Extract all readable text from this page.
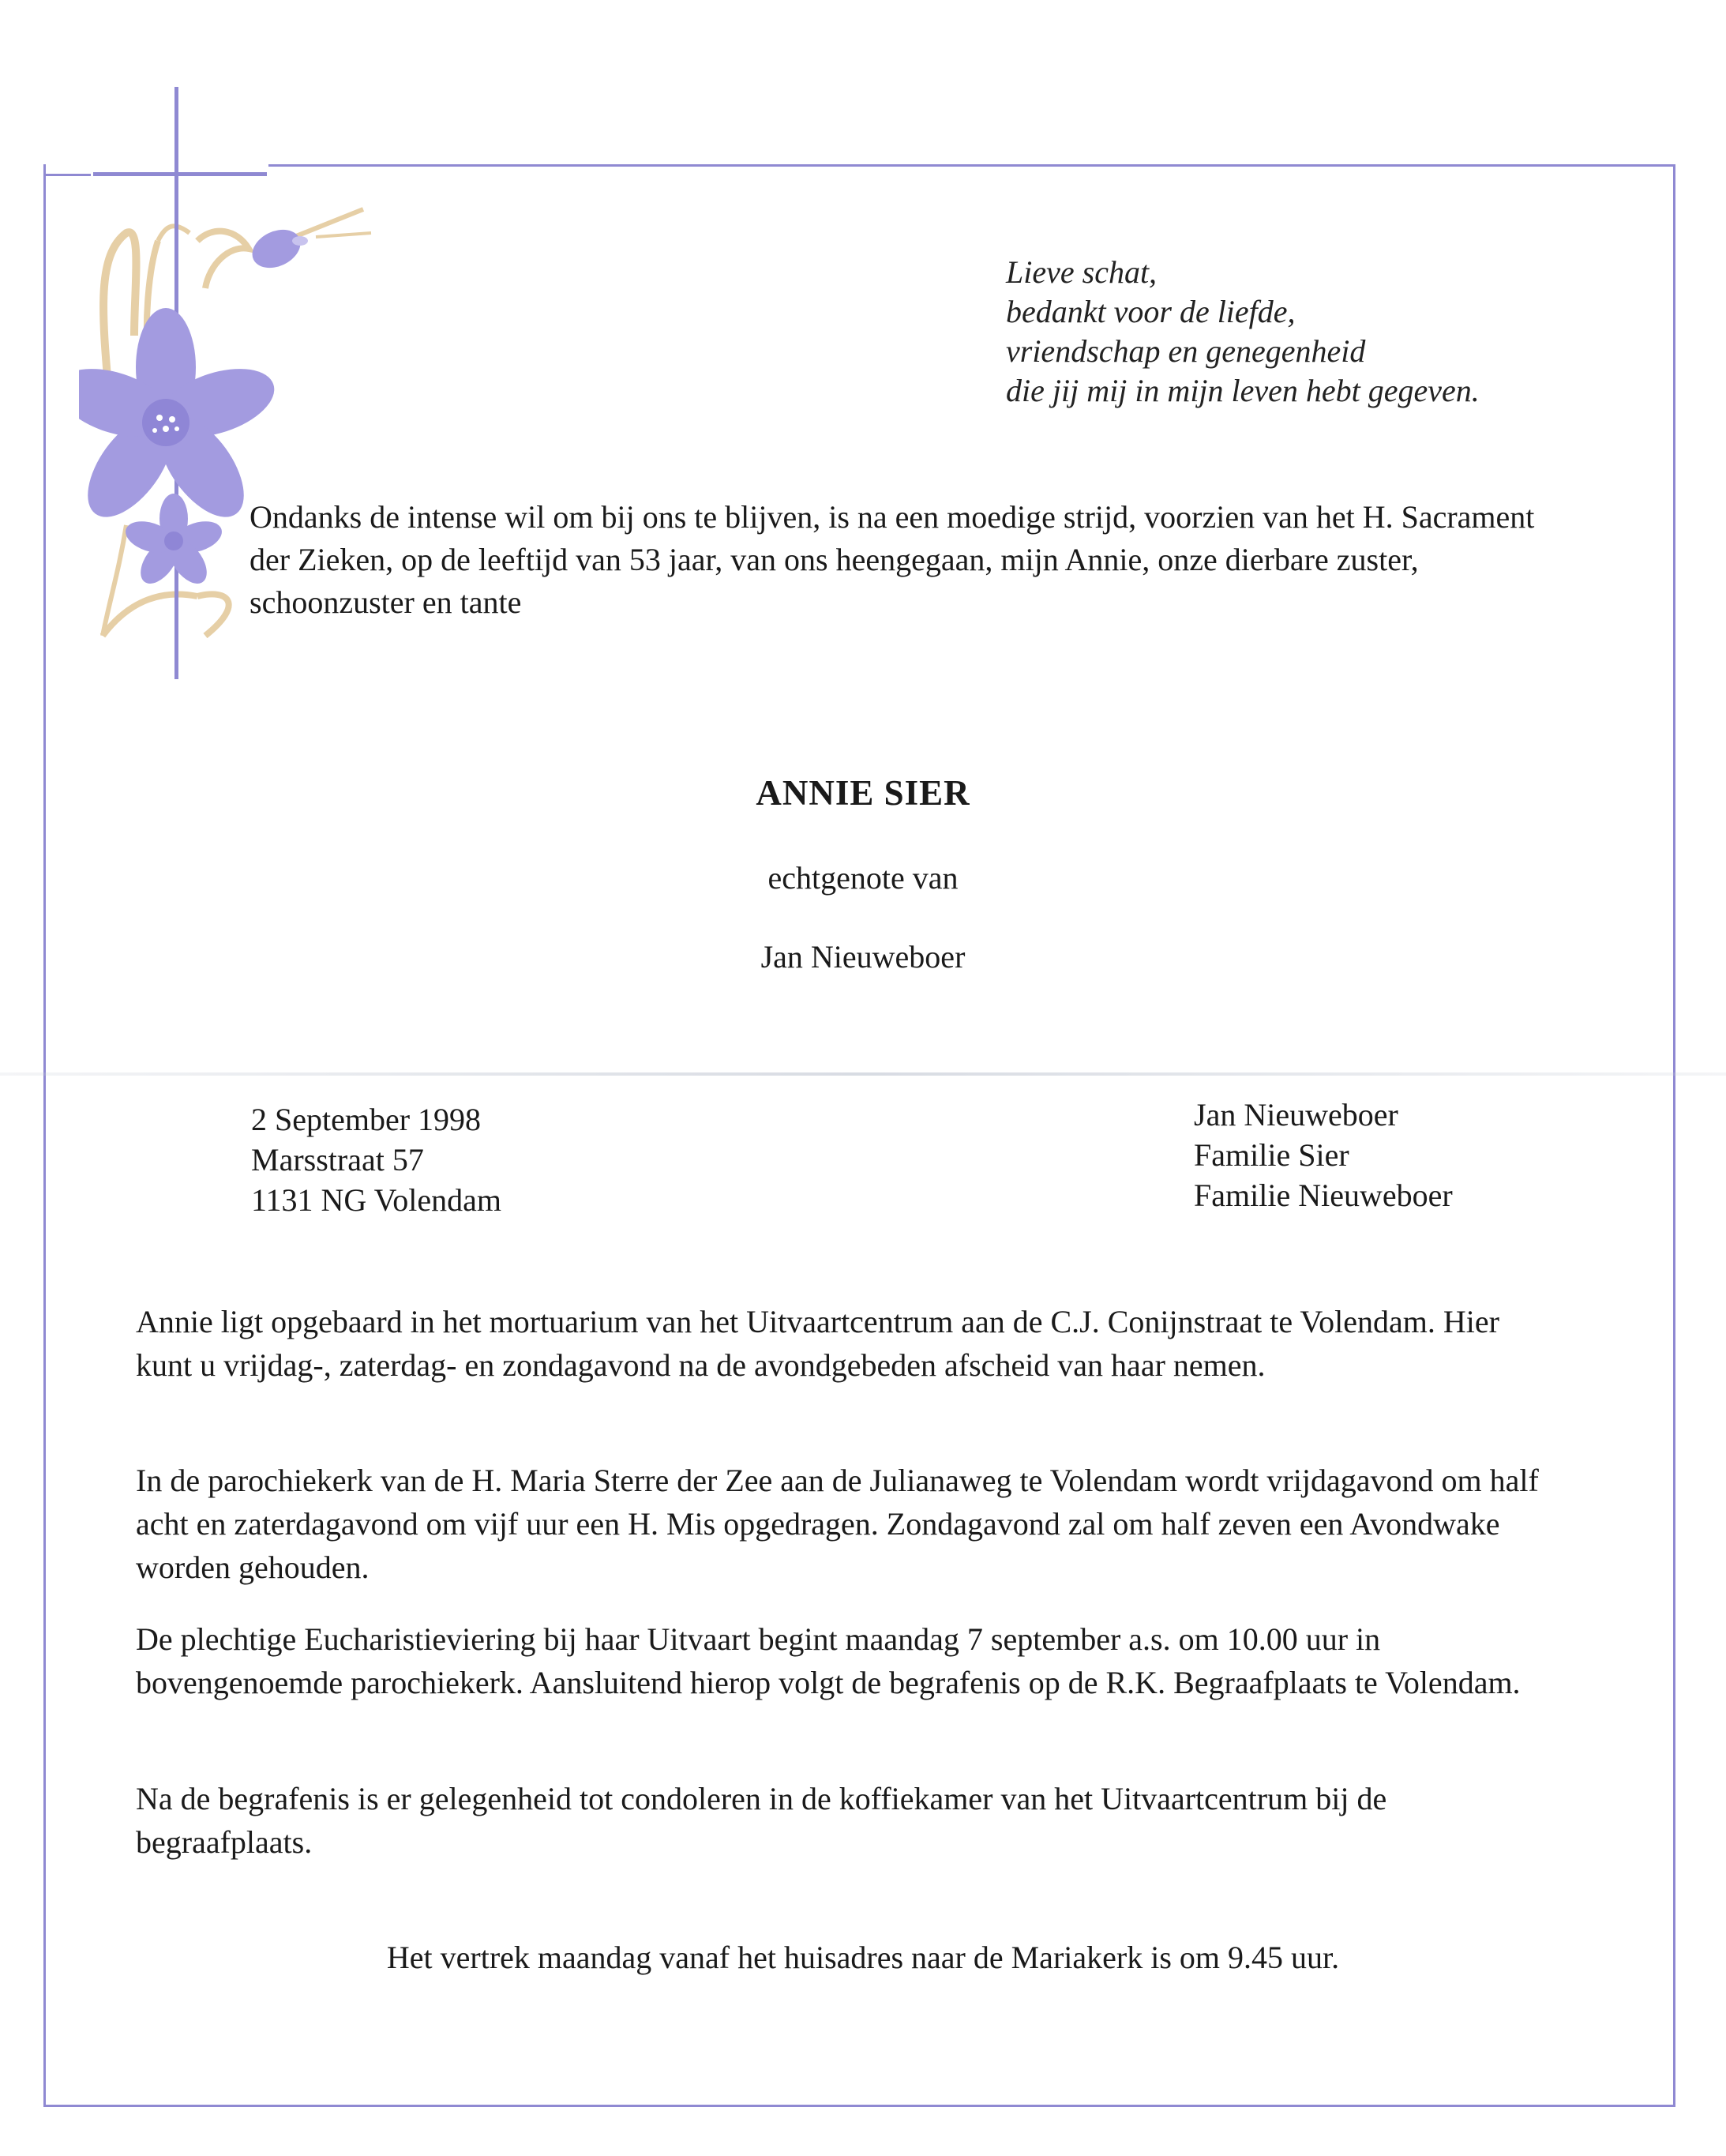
Lieve schat,
bedankt voor de liefde,
vriendschap en genegenheid
die jij mij in mijn leven hebt gegeven.
Ondanks de intense wil om bij ons te blijven, is na een moedige strijd, voorzien van het H. Sacrament der Zieken, op de leeftijd van 53 jaar, van ons heengegaan, mijn Annie, onze dierbare zuster, schoonzuster en tante
ANNIE SIER
echtgenote van
Jan Nieuweboer
2 September 1998
Marsstraat 57
1131 NG Volendam
Jan Nieuweboer
Familie Sier
Familie Nieuweboer
Annie ligt opgebaard in het mortuarium van het Uitvaartcentrum aan de C.J. Conijnstraat te Volendam. Hier kunt u vrijdag-, zaterdag- en zondagavond na de avondgebeden afscheid van haar nemen.
In de parochiekerk van de H. Maria Sterre der Zee aan de Julianaweg te Volendam wordt vrijdagavond om half acht en zaterdagavond om vijf uur een H. Mis opgedragen. Zondagavond zal om half zeven een Avondwake worden gehouden.
De plechtige Eucharistieviering bij haar Uitvaart begint maandag 7 september a.s. om 10.00 uur in bovengenoemde parochiekerk. Aansluitend hierop volgt de begrafenis op de R.K. Begraafplaats te Volendam.
Na de begrafenis is er gelegenheid tot condoleren in de koffiekamer van het Uitvaartcentrum bij de begraafplaats.
Het vertrek maandag vanaf het huisadres naar de Mariakerk is om 9.45 uur.
